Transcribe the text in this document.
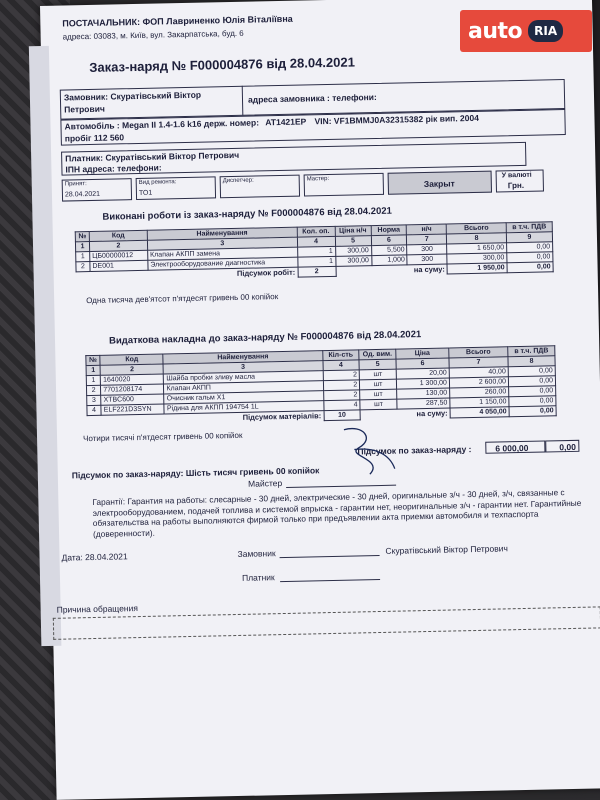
ПОСТАЧАЛЬНИК: ФОП Лавриненко Юлія Віталіївна
адреса: 03083, м. Київ, вул. Закарпатська, буд. 6
Заказ-наряд № F000004876 від 28.04.2021
Замовник: Скуратівський Віктор
Петрович
адреса замовника : телефони:
Автомобіль : Megan II 1.4-1.6 k16 держ. номер: AT1421EP VIN: VF1BMMJ0A32315382 рік вип. 2004
пробіг 112 560
Платник: Скуратівський Віктор Петрович
ІПН адреса: телефони:
Принят:
28.04.2021
Вид ремонта:
ТО1
Диспетчер:	Мастер:	Закрыт
У валюті
Грн.
Виконані роботи із заказ-наряду № F000004876 від 28.04.2021
№	Код	Найменування	Кол. оп.	Ціна н/ч	Норма	н/ч	Всього	в т.ч. ПДВ
1	2	3	4	5	6	7	8	9
1	ЦБ00000012	Клапан АКПП замена	1	300,00	5,500	300	1 650,00	0,00
2	DE001	Электрооборудование диагностика	1	300,00	1,000	300	300,00	0,00
Підсумок робіт:			2	на суму:			1 950,00	0,00
Одна тисяча дев'ятсот п'ятдесят гривень 00 копійок
Видаткова накладна до заказ-наряду № F000004876 від 28.04.2021
№	Код	Найменування	Кіл-сть	Од. вим.	Ціна	Всього	в т.ч. ПДВ
1	2	3	4	5	6	7	8
1	1640020	Шайба пробки зливу масла	2	шт	20,00	40,00	0,00
2	7701208174	Клапан АКПП	2	шт	1 300,00	2 600,00	0,00
3	XTBC600	Очисник гальм X1	2	шт	130,00	260,00	0,00
4	ELF221D3SYN	Рідина для АКПП 194754 1L	4	шт	287,50	1 150,00	0,00
Підсумок матеріалів:			10	на суму:		4 050,00	0,00
Чотири тисячі п'ятдесят гривень 00 копійок
Підсумок по заказ-наряду :	6 000,00	0,00
Підсумок по заказ-наряду: Шість тисяч гривень 00 копійок
Майстер
Гарантії: Гарантия на работы: слесарные - 30 дней, электрические - 30 дней, оригинальные з/ч - 30 дней, з/ч, связанные с электрооборудованием, подачей топлива и системой впрыска - гарантии нет, неоригинальные з/ч - гарантии нет. Гарантийные обязательства на работы выполняются фирмой только при предъявлении акта приемки автомобиля и техпаспорта (доверенности).
Дата: 28.04.2021	Замовник	Скуратівський Віктор Петрович
Платник
Причина обращения
auto	RIA
